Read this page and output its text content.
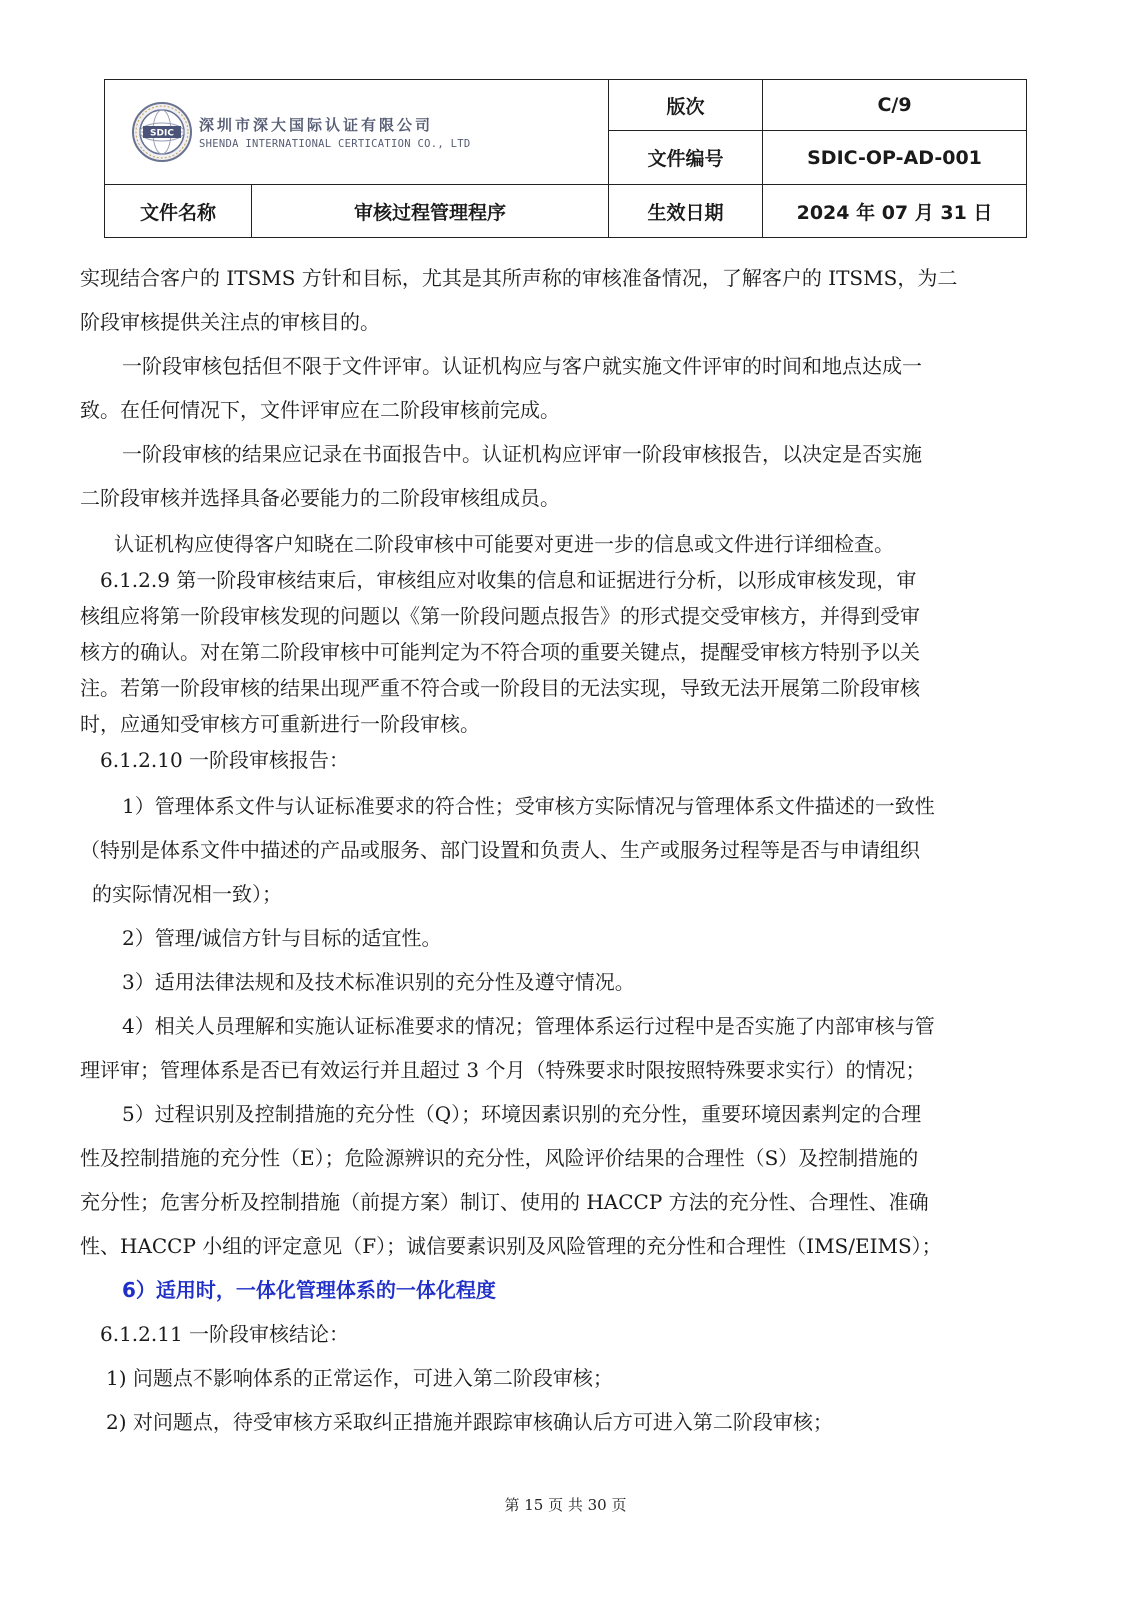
SDIC 深圳市深大国际认证有限公司
SHENDA INTERNATIONAL CERTICATION CO., LTD		版次	C/9
		文件编号	SDIC-OP-AD-001
文件名称	审核过程管理程序	生效日期	2024 年 07 月 31 日

实现结合客户的 ITSMS 方针和目标，尤其是其所声称的审核准备情况，了解客户的 ITSMS，为二

阶段审核提供关注点的审核目的。

一阶段审核包括但不限于文件评审。认证机构应与客户就实施文件评审的时间和地点达成一

致。在任何情况下，文件评审应在二阶段审核前完成。

一阶段审核的结果应记录在书面报告中。认证机构应评审一阶段审核报告，以决定是否实施

二阶段审核并选择具备必要能力的二阶段审核组成员。

认证机构应使得客户知晓在二阶段审核中可能要对更进一步的信息或文件进行详细检查。

6.1.2.9 第一阶段审核结束后，审核组应对收集的信息和证据进行分析，以形成审核发现，审

核组应将第一阶段审核发现的问题以《第一阶段问题点报告》的形式提交受审核方，并得到受审

核方的确认。对在第二阶段审核中可能判定为不符合项的重要关键点，提醒受审核方特别予以关

注。若第一阶段审核的结果出现严重不符合或一阶段目的无法实现，导致无法开展第二阶段审核

时，应通知受审核方可重新进行一阶段审核。

6.1.2.10 一阶段审核报告：

1）管理体系文件与认证标准要求的符合性；受审核方实际情况与管理体系文件描述的一致性

（特别是体系文件中描述的产品或服务、部门设置和负责人、生产或服务过程等是否与申请组织

的实际情况相一致）；

2）管理/诚信方针与目标的适宜性。

3）适用法律法规和及技术标准识别的充分性及遵守情况。

4）相关人员理解和实施认证标准要求的情况；管理体系运行过程中是否实施了内部审核与管

理评审；管理体系是否已有效运行并且超过 3 个月（特殊要求时限按照特殊要求实行）的情况；

5）过程识别及控制措施的充分性（Q）；环境因素识别的充分性，重要环境因素判定的合理

性及控制措施的充分性（E）；危险源辨识的充分性，风险评价结果的合理性（S）及控制措施的

充分性；危害分析及控制措施（前提方案）制订、使用的 HACCP 方法的充分性、合理性、准确

性、HACCP 小组的评定意见（F）；诚信要素识别及风险管理的充分性和合理性（IMS/EIMS）；

6）适用时，一体化管理体系的一体化程度

6.1.2.11 一阶段审核结论：

1) 问题点不影响体系的正常运作，可进入第二阶段审核；

2) 对问题点，待受审核方采取纠正措施并跟踪审核确认后方可进入第二阶段审核；

第 15 页 共 30 页
